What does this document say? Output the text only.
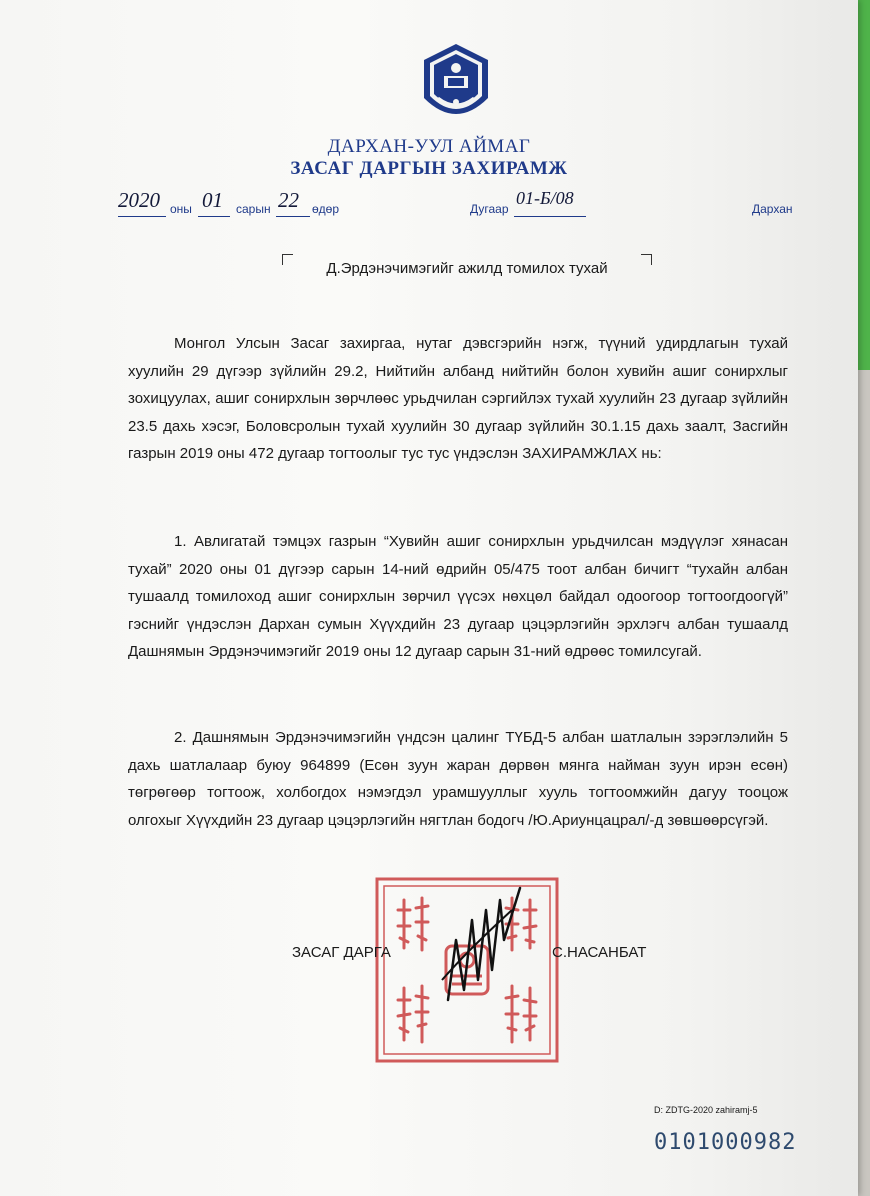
ДАРХАН-УУЛ АЙМАГ
ЗАСАГ ДАРГЫН ЗАХИРАМЖ
2020 оны 01 сарын 22 өдөр	Дугаар
01-Б/08
Дархан
Д.Эрдэнэчимэгийг ажилд томилох тухай
Монгол Улсын Засаг захиргаа, нутаг дэвсгэрийн нэгж, түүний удирдлагын тухай хуулийн 29 дүгээр зүйлийн 29.2, Нийтийн албанд нийтийн болон хувийн ашиг сонирхлыг зохицуулах, ашиг сонирхлын зөрчлөөс урьдчилан сэргийлэх тухай хуулийн 23 дугаар зүйлийн 23.5 дахь хэсэг, Боловсролын тухай хуулийн 30 дугаар зүйлийн 30.1.15 дахь заалт, Засгийн газрын 2019 оны 472 дугаар тогтоолыг тус тус үндэслэн ЗАХИРАМЖЛАХ нь:
1. Авлигатай тэмцэх газрын “Хувийн ашиг сонирхлын урьдчилсан мэдүүлэг хянасан тухай” 2020 оны 01 дүгээр сарын 14-ний өдрийн 05/475 тоот албан бичигт “тухайн албан тушаалд томилоход ашиг сонирхлын зөрчил үүсэх нөхцөл байдал одоогоор тогтоогдоогүй” гэснийг үндэслэн Дархан сумын Хүүхдийн 23 дугаар цэцэрлэгийн эрхлэгч албан тушаалд Дашнямын Эрдэнэчимэгийг 2019 оны 12 дугаар сарын 31-ний өдрөөс томилсугай.
2. Дашнямын Эрдэнэчимэгийн үндсэн цалинг ТҮБД-5 албан шатлалын зэрэглэлийн 5 дахь шатлалаар буюу 964899 (Есөн зуун жаран дөрвөн мянга найман зуун ирэн есөн) төгрөгөөр тогтоож, холбогдох нэмэгдэл урамшууллыг хууль тогтоомжийн дагуу тооцож олгохыг Хүүхдийн 23 дугаар цэцэрлэгийн нягтлан бодогч /Ю.Ариунцацрал/-д зөвшөөрсүгэй.
ЗАСАГ ДАРГА	С.НАСАНБАТ
D: ZDTG-2020 zahiramj-5
0101000982
